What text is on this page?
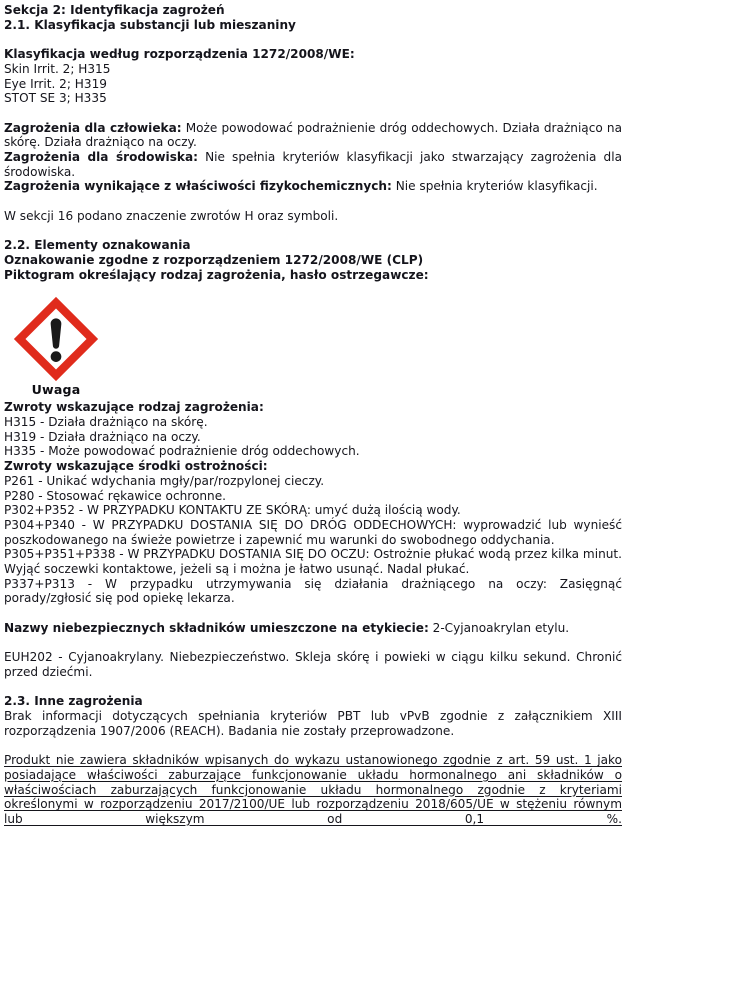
Sekcja 2: Identyfikacja zagrożeń

2.1. Klasyfikacja substancji lub mieszaniny

Klasyfikacja według rozporządzenia 1272/2008/WE:

Skin Irrit. 2; H315

Eye Irrit. 2; H319

STOT SE 3; H335

Zagrożenia dla człowieka: Może powodować podrażnienie dróg oddechowych. Działa drażniąco na skórę. Działa drażniąco na oczy.

Zagrożenia dla środowiska: Nie spełnia kryteriów klasyfikacji jako stwarzający zagrożenia dla środowiska.

Zagrożenia wynikające z właściwości fizykochemicznych: Nie spełnia kryteriów klasyfikacji.

W sekcji 16 podano znaczenie zwrotów H oraz symboli.

2.2. Elementy oznakowania

Oznakowanie zgodne z rozporządzeniem 1272/2008/WE (CLP)

Piktogram określający rodzaj zagrożenia, hasło ostrzegawcze:

Uwaga

Zwroty wskazujące rodzaj zagrożenia:

H315 - Działa drażniąco na skórę.

H319 - Działa drażniąco na oczy.

H335 - Może powodować podrażnienie dróg oddechowych.

Zwroty wskazujące środki ostrożności:

P261 - Unikać wdychania mgły/par/rozpylonej cieczy.

P280 - Stosować rękawice ochronne.

P302+P352 - W PRZYPADKU KONTAKTU ZE SKÓRĄ: umyć dużą ilością wody.

P304+P340 - W PRZYPADKU DOSTANIA SIĘ DO DRÓG ODDECHOWYCH: wyprowadzić lub wynieść poszkodowanego na świeże powietrze i zapewnić mu warunki do swobodnego oddychania.

P305+P351+P338 - W PRZYPADKU DOSTANIA SIĘ DO OCZU: Ostrożnie płukać wodą przez kilka minut. Wyjąć soczewki kontaktowe, jeżeli są i można je łatwo usunąć. Nadal płukać.

P337+P313 - W przypadku utrzymywania się działania drażniącego na oczy: Zasięgnąć porady/zgłosić się pod opiekę lekarza.

Nazwy niebezpiecznych składników umieszczone na etykiecie: 2-Cyjanoakrylan etylu.

EUH202 - Cyjanoakrylany. Niebezpieczeństwo. Skleja skórę i powieki w ciągu kilku sekund. Chronić przed dziećmi.

2.3. Inne zagrożenia

Brak informacji dotyczących spełniania kryteriów PBT lub vPvB zgodnie z załącznikiem XIII rozporządzenia 1907/2006 (REACH). Badania nie zostały przeprowadzone.

Produkt nie zawiera składników wpisanych do wykazu ustanowionego zgodnie z art. 59 ust. 1 jako posiadające właściwości zaburzające funkcjonowanie układu hormonalnego ani składników o właściwościach zaburzających funkcjonowanie układu hormonalnego zgodnie z kryteriami określonymi w rozporządzeniu 2017/2100/UE lub rozporządzeniu 2018/605/UE w stężeniu równym lub większym od 0,1 %.
